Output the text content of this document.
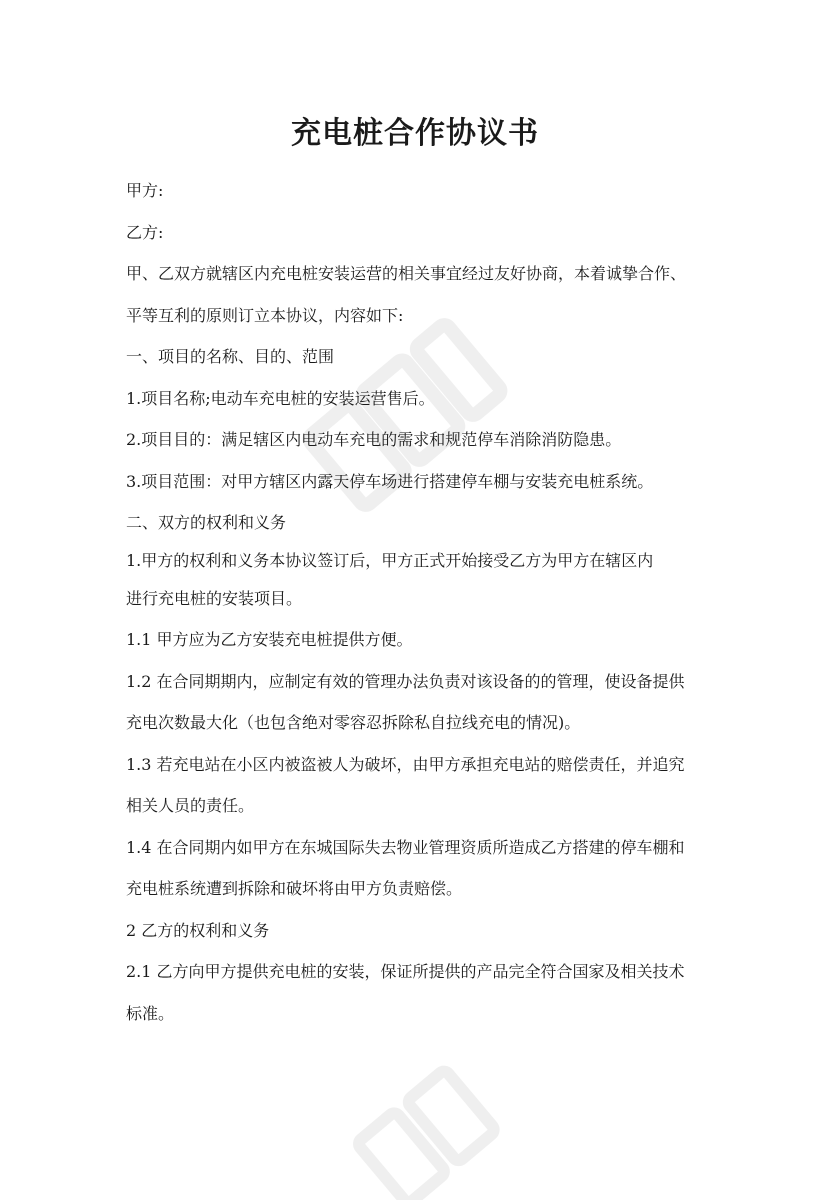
充电桩合作协议书

甲方:

乙方:

甲、乙双方就辖区内充电桩安装运营的相关事宜经过友好协商，本着诚挚合作、

平等互利的原则订立本协议，内容如下:

一、项目的名称、目的、范围

1.项目名称;电动车充电桩的安装运营售后。

2.项目目的：满足辖区内电动车充电的需求和规范停车消除消防隐患。

3.项目范围：对甲方辖区内露天停车场进行搭建停车棚与安装充电桩系统。

二、双方的权利和义务

1.甲方的权利和义务本协议签订后，甲方正式开始接受乙方为甲方在辖区内

进行充电桩的安装项目。

1.1 甲方应为乙方安装充电桩提供方便。

1.2 在合同期期内，应制定有效的管理办法负责对该设备的的管理，使设备提供

充电次数最大化（也包含绝对零容忍拆除私自拉线充电的情况)。

1.3 若充电站在小区内被盗被人为破坏，由甲方承担充电站的赔偿责任，并追究

相关人员的责任。

1.4 在合同期内如甲方在东城国际失去物业管理资质所造成乙方搭建的停车棚和

充电桩系统遭到拆除和破坏将由甲方负责赔偿。

2 乙方的权利和义务

2.1 乙方向甲方提供充电桩的安装，保证所提供的产品完全符合国家及相关技术

标准。
